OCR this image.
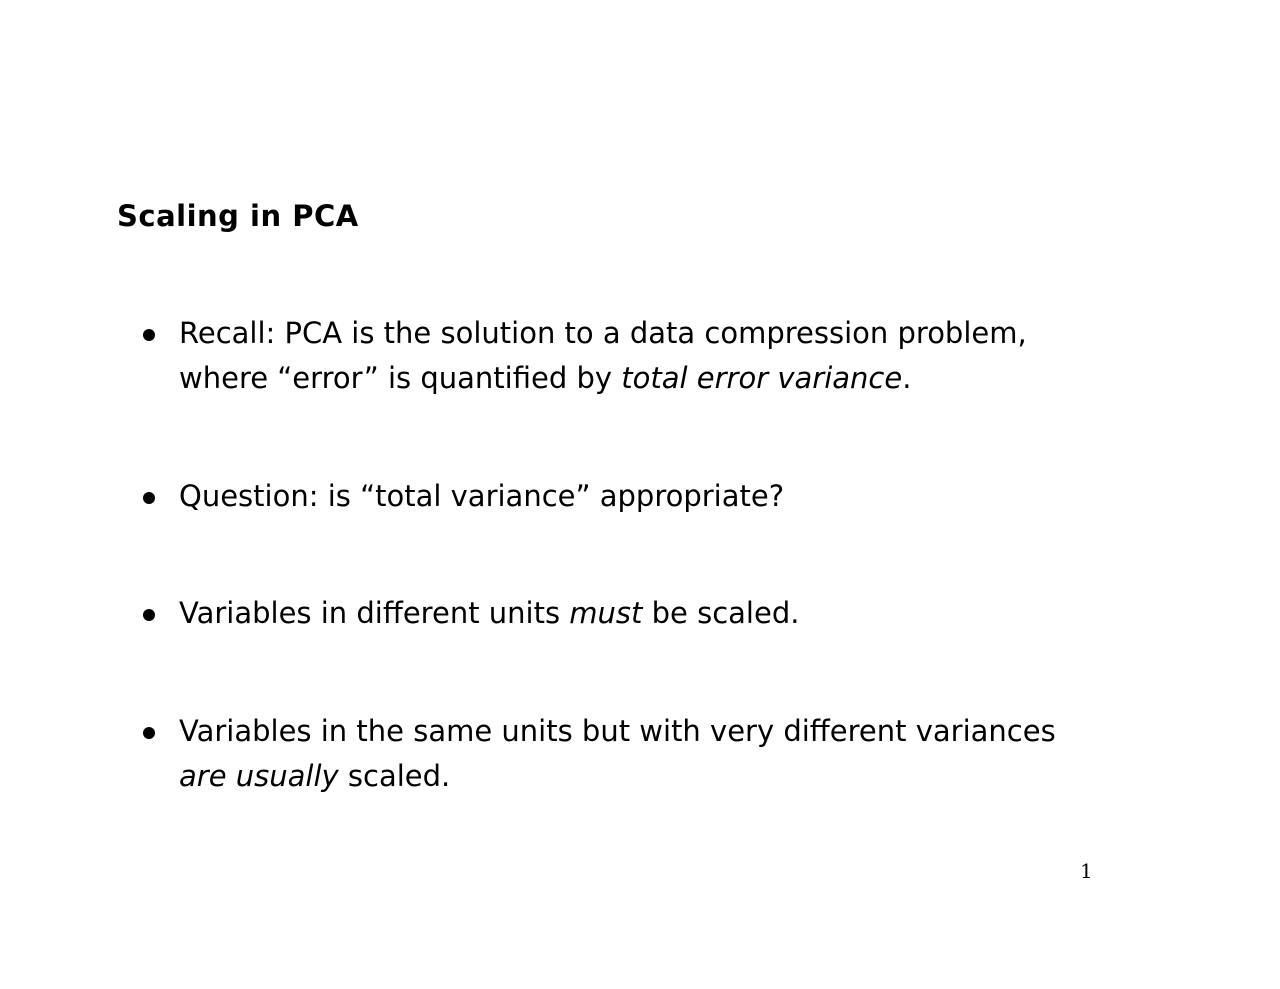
Scaling in PCA
Recall: PCA is the solution to a data compression problem,
where “error” is quantified by total error variance.
Question: is “total variance” appropriate?
Variables in different units must be scaled.
Variables in the same units but with very different variances
are usually scaled.
1
